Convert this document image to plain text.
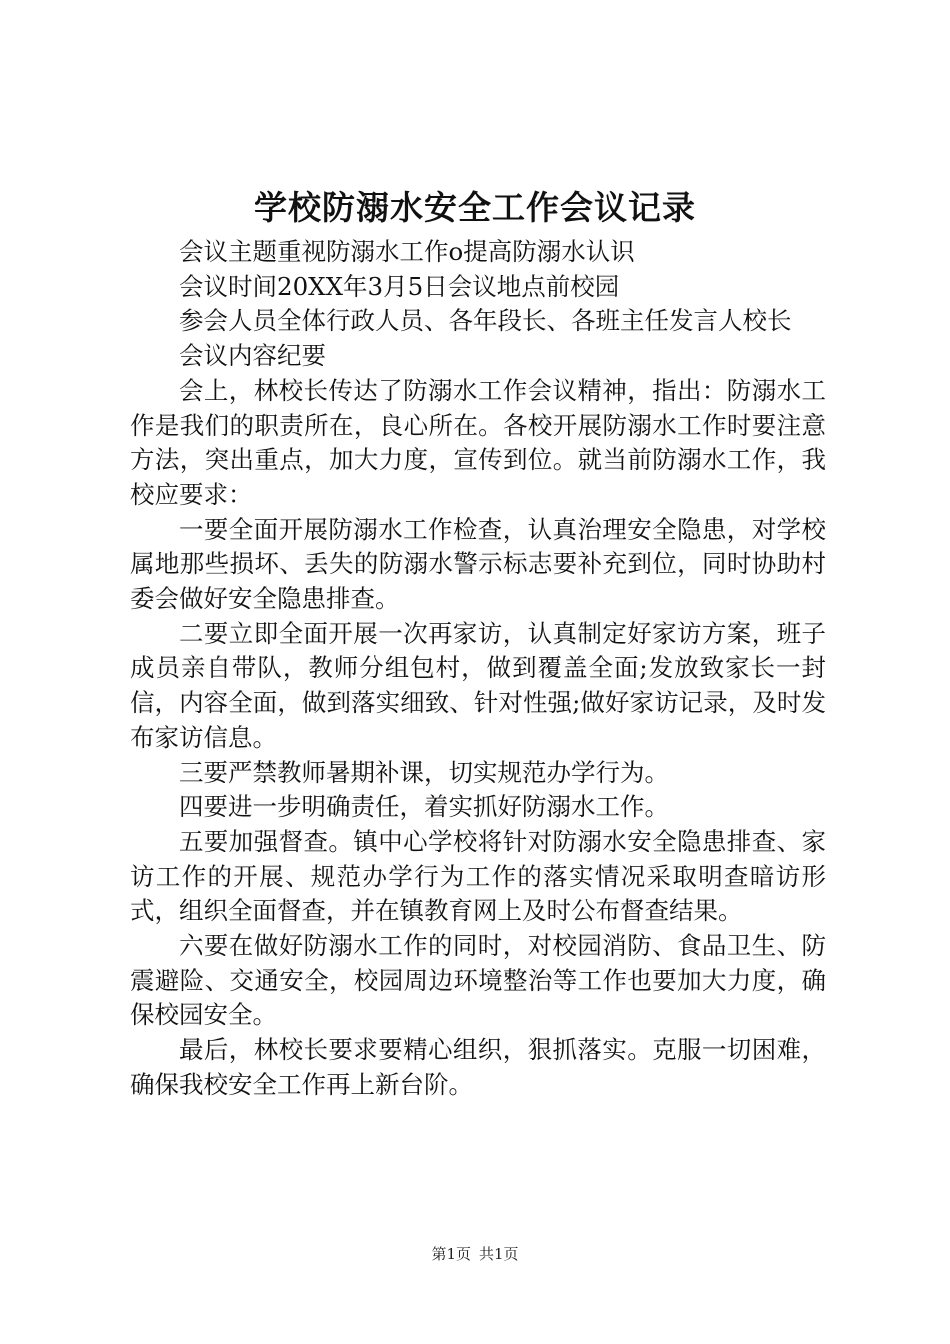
学校防溺水安全工作会议记录

会议主题重视防溺水工作o提高防溺水认识

会议时间20XX年3月5日会议地点前校园

参会人员全体行政人员、各年段长、各班主任发言人校长

会议内容纪要

会上，林校长传达了防溺水工作会议精神，指出：防溺水工作是我们的职责所在，良心所在。各校开展防溺水工作时要注意方法，突出重点，加大力度，宣传到位。就当前防溺水工作，我校应要求：

一要全面开展防溺水工作检查，认真治理安全隐患，对学校属地那些损坏、丢失的防溺水警示标志要补充到位，同时协助村委会做好安全隐患排查。

二要立即全面开展一次再家访，认真制定好家访方案，班子成员亲自带队，教师分组包村，做到覆盖全面;发放致家长一封信，内容全面，做到落实细致、针对性强;做好家访记录，及时发布家访信息。

三要严禁教师暑期补课，切实规范办学行为。

四要进一步明确责任，着实抓好防溺水工作。

五要加强督查。镇中心学校将针对防溺水安全隐患排查、家访工作的开展、规范办学行为工作的落实情况采取明查暗访形式，组织全面督查，并在镇教育网上及时公布督查结果。

六要在做好防溺水工作的同时，对校园消防、食品卫生、防震避险、交通安全，校园周边环境整治等工作也要加大力度，确保校园安全。

最后，林校长要求要精心组织，狠抓落实。克服一切困难，确保我校安全工作再上新台阶。

第1页 共1页
